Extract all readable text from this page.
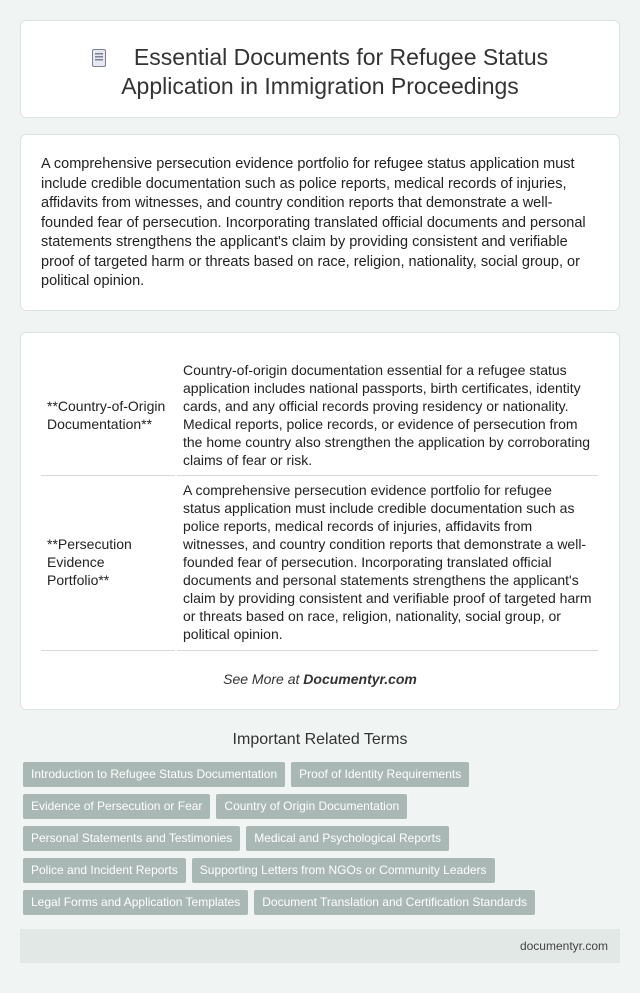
Essential Documents for Refugee Status Application in Immigration Proceedings

A comprehensive persecution evidence portfolio for refugee status application must include credible documentation such as police reports, medical records of injuries, affidavits from witnesses, and country condition reports that demonstrate a well-founded fear of persecution. Incorporating translated official documents and personal statements strengthens the applicant's claim by providing consistent and verifiable proof of targeted harm or threats based on race, religion, nationality, social group, or political opinion.

**Country-of-Origin Documentation**	Country-of-origin documentation essential for a refugee status application includes national passports, birth certificates, identity cards, and any official records proving residency or nationality. Medical reports, police records, or evidence of persecution from the home country also strengthen the application by corroborating claims of fear or risk.
**Persecution Evidence Portfolio**	A comprehensive persecution evidence portfolio for refugee status application must include credible documentation such as police reports, medical records of injuries, affidavits from witnesses, and country condition reports that demonstrate a well-founded fear of persecution. Incorporating translated official documents and personal statements strengthens the applicant's claim by providing consistent and verifiable proof of targeted harm or threats based on race, religion, nationality, social group, or political opinion.
See More at Documentyr.com
Important Related Terms
Introduction to Refugee Status Documentation Proof of Identity Requirements
Evidence of Persecution or Fear Country of Origin Documentation
Personal Statements and Testimonies Medical and Psychological Reports
Police and Incident Reports Supporting Letters from NGOs or Community Leaders
Legal Forms and Application Templates Document Translation and Certification Standards
documentyr.com
